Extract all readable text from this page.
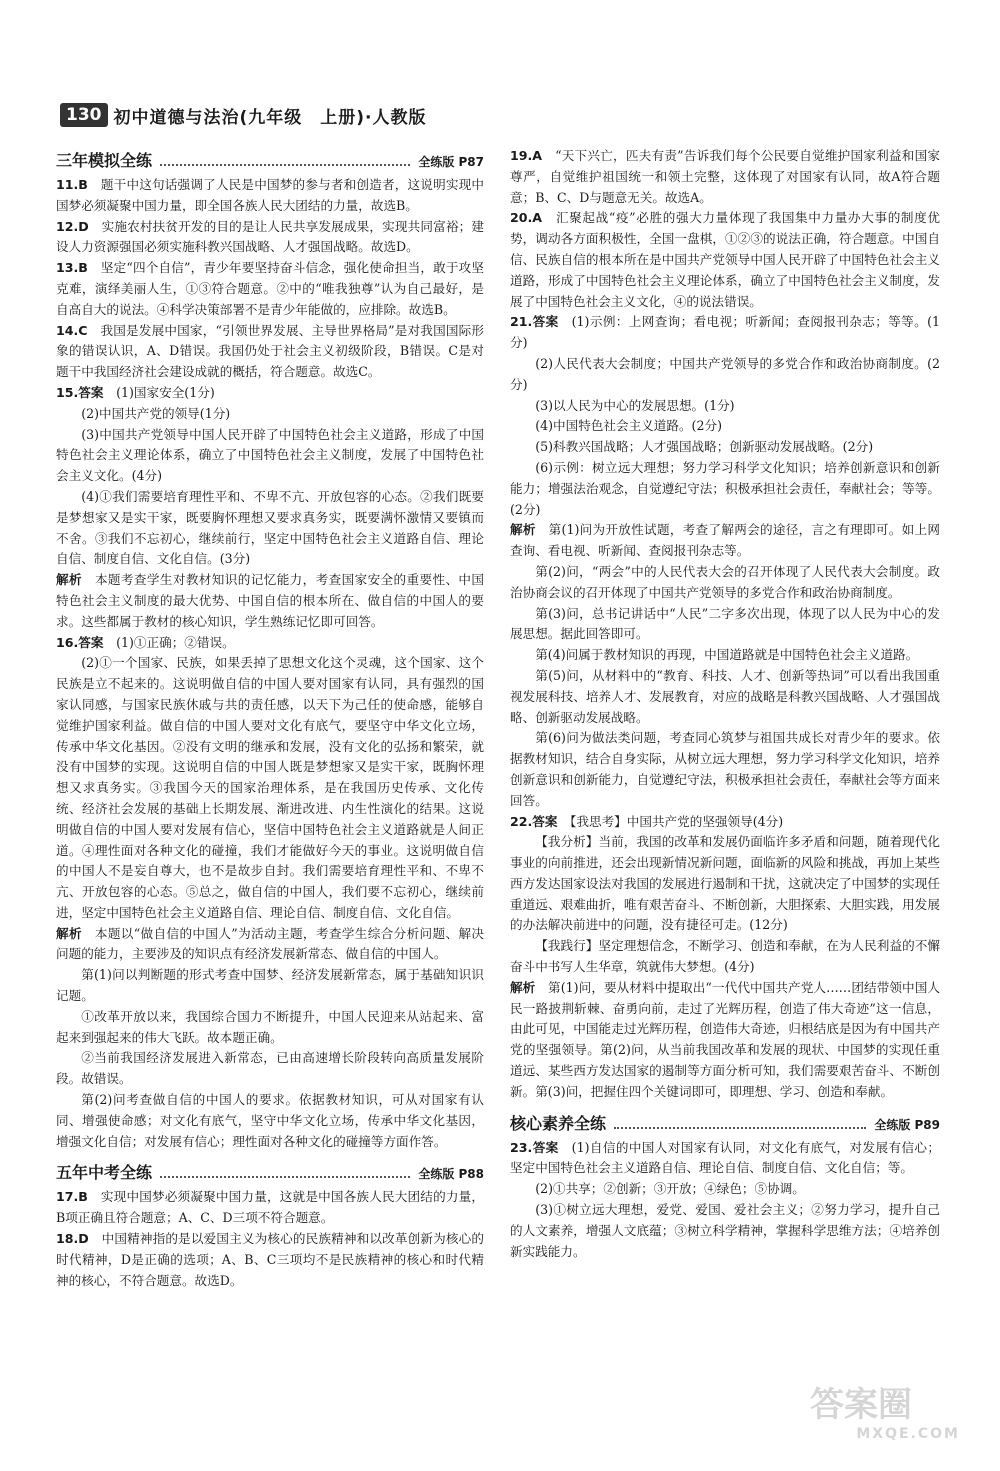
130 初中道德与法治(九年级　上册)·人教版
三年模拟全练	全练版 P87

11.B　 题干中这句话强调了人民是中国梦的参与者和创造者，这说明实现中国梦必须凝聚中国力量，即全国各族人民大团结的力量，故选B。

12.D　 实施农村扶贫开发的目的是让人民共享发展成果，实现共同富裕；建设人力资源强国必须实施科教兴国战略、人才强国战略。故选D。

13.B　 坚定“四个自信”，青少年要坚持奋斗信念，强化使命担当，敢于攻坚克难，演绎美丽人生，①③符合题意。②中的“唯我独尊”认为自己最好，是自高自大的说法。④科学决策部署不是青少年能做的，应排除。故选B。

14.C　 我国是发展中国家，“引领世界发展、主导世界格局”是对我国国际形象的错误认识，A、D错误。我国仍处于社会主义初级阶段，B错误。C是对题干中我国经济社会建设成就的概括，符合题意。故选C。

15.答案　 (1)国家安全(1分)

(2)中国共产党的领导(1分)

(3)中国共产党领导中国人民开辟了中国特色社会主义道路，形成了中国特色社会主义理论体系，确立了中国特色社会主义制度，发展了中国特色社会主义文化。(4分)

(4)①我们需要培育理性平和、不卑不亢、开放包容的心态。②我们既要是梦想家又是实干家，既要胸怀理想又要求真务实，既要满怀激情又要镇而不舍。③我们不忘初心，继续前行，坚定中国特色社会主义道路自信、理论自信、制度自信、文化自信。(3分)

解析　 本题考查学生对教材知识的记忆能力，考查国家安全的重要性、中国特色社会主义制度的最大优势、中国自信的根本所在、做自信的中国人的要求。这些都属于教材的核心知识，学生熟练记忆即可回答。

16.答案　 (1)①正确；②错误。

(2)①一个国家、民族，如果丢掉了思想文化这个灵魂，这个国家、这个民族是立不起来的。这说明做自信的中国人要对国家有认同，具有强烈的国家认同感，与国家民族休戚与共的责任感，以天下为己任的使命感，能够自觉维护国家利益。做自信的中国人要对文化有底气，要坚守中华文化立场，传承中华文化基因。②没有文明的继承和发展，没有文化的弘扬和繁荣，就没有中国梦的实现。这说明自信的中国人既是梦想家又是实干家，既胸怀理想又求真务实。③我国今天的国家治理体系，是在我国历史传承、文化传统、经济社会发展的基础上长期发展、渐进改进、内生性演化的结果。这说明做自信的中国人要对发展有信心，坚信中国特色社会主义道路就是人间正道。④理性面对各种文化的碰撞，我们才能做好今天的事业。这说明做自信的中国人不是妄自尊大，也不是故步自封。我们需要培育理性平和、不卑不亢、开放包容的心态。⑤总之，做自信的中国人，我们要不忘初心，继续前进，坚定中国特色社会主义道路自信、理论自信、制度自信、文化自信。

解析　 本题以“做自信的中国人”为活动主题，考查学生综合分析问题、解决问题的能力，主要涉及的知识点有经济发展新常态、做自信的中国人。

第(1)问以判断题的形式考查中国梦、经济发展新常态，属于基础知识识记题。

①改革开放以来，我国综合国力不断提升，中国人民迎来从站起来、富起来到强起来的伟大飞跃。故本题正确。

②当前我国经济发展进入新常态，已由高速增长阶段转向高质量发展阶段。故错误。

第(2)问考查做自信的中国人的要求。依据教材知识，可从对国家有认同、增强使命感；对文化有底气，坚守中华文化立场，传承中华文化基因，增强文化自信；对发展有信心；理性面对各种文化的碰撞等方面作答。

五年中考全练	全练版 P88

17.B　 实现中国梦必须凝聚中国力量，这就是中国各族人民大团结的力量，B项正确且符合题意；A、C、D三项不符合题意。

18.D　 中国精神指的是以爱国主义为核心的民族精神和以改革创新为核心的时代精神，D是正确的选项；A、B、C三项均不是民族精神的核心和时代精神的核心，不符合题意。故选D。

19.A　 “天下兴亡，匹夫有责”告诉我们每个公民要自觉维护国家利益和国家尊严，自觉维护祖国统一和领土完整，这体现了对国家有认同，故A符合题意；B、C、D与题意无关。故选A。

20.A　 汇聚起战“疫”必胜的强大力量体现了我国集中力量办大事的制度优势，调动各方面积极性，全国一盘棋，①②③的说法正确，符合题意。中国自信、民族自信的根本所在是中国共产党领导中国人民开辟了中国特色社会主义道路，形成了中国特色社会主义理论体系，确立了中国特色社会主义制度，发展了中国特色社会主义文化，④的说法错误。

21.答案　 (1)示例：上网查询；看电视；听新闻；查阅报刊杂志；等等。(1分)

(2)人民代表大会制度；中国共产党领导的多党合作和政治协商制度。(2分)

(3)以人民为中心的发展思想。(1分)

(4)中国特色社会主义道路。(2分)

(5)科教兴国战略；人才强国战略；创新驱动发展战略。(2分)

(6)示例：树立远大理想；努力学习科学文化知识；培养创新意识和创新能力；增强法治观念，自觉遵纪守法；积极承担社会责任，奉献社会；等等。(2分)

解析　 第(1)问为开放性试题，考查了解两会的途径，言之有理即可。如上网查询、看电视、听新闻、查阅报刊杂志等。

第(2)问，“两会”中的人民代表大会的召开体现了人民代表大会制度。政治协商会议的召开体现了中国共产党领导的多党合作和政治协商制度。

第(3)问，总书记讲话中“人民”二字多次出现，体现了以人民为中心的发展思想。据此回答即可。

第(4)问属于教材知识的再现，中国道路就是中国特色社会主义道路。

第(5)问，从材料中的“教育、科技、人才、创新等热词”可以看出我国重视发展科技、培养人才、发展教育，对应的战略是科教兴国战略、人才强国战略、创新驱动发展战略。

第(6)问为做法类问题，考查同心筑梦与祖国共成长对青少年的要求。依据教材知识，结合自身实际，从树立远大理想，努力学习科学文化知识，培养创新意识和创新能力，自觉遵纪守法，积极承担社会责任，奉献社会等方面来回答。

22.答案　 【我思考】中国共产党的坚强领导(4分)

【我分析】当前，我国的改革和发展仍面临许多矛盾和问题，随着现代化事业的向前推进，还会出现新情况新问题，面临新的风险和挑战，再加上某些西方发达国家设法对我国的发展进行遏制和干扰，这就决定了中国梦的实现任重道远、艰难曲折，唯有艰苦奋斗、不断创新，大胆探索、大胆实践，用发展的办法解决前进中的问题，没有捷径可走。(12分)

【我践行】坚定理想信念，不断学习、创造和奉献，在为人民利益的不懈奋斗中书写人生华章，筑就伟大梦想。(4分)

解析　 第(1)问，要从材料中提取出“一代代中国共产党人……团结带领中国人民一路披荆斩棘、奋勇向前，走过了光辉历程，创造了伟大奇迹”这一信息，由此可见，中国能走过光辉历程，创造伟大奇迹，归根结底是因为有中国共产党的坚强领导。第(2)问，从当前我国改革和发展的现状、中国梦的实现任重道远、某些西方发达国家的遏制等方面分析可知，我们需要艰苦奋斗、不断创新。第(3)问，把握住四个关键词即可，即理想、学习、创造和奉献。

核心素养全练	全练版 P89

23.答案　 (1)自信的中国人对国家有认同，对文化有底气，对发展有信心；坚定中国特色社会主义道路自信、理论自信、制度自信、文化自信；等。

(2)①共享；②创新；③开放；④绿色；⑤协调。

(3)①树立远大理想，爱党、爱国、爱社会主义；②努力学习，提升自己的人文素养，增强人文底蕴；③树立科学精神，掌握科学思维方法；④培养创新实践能力。

答案圈
MXQE.COM
